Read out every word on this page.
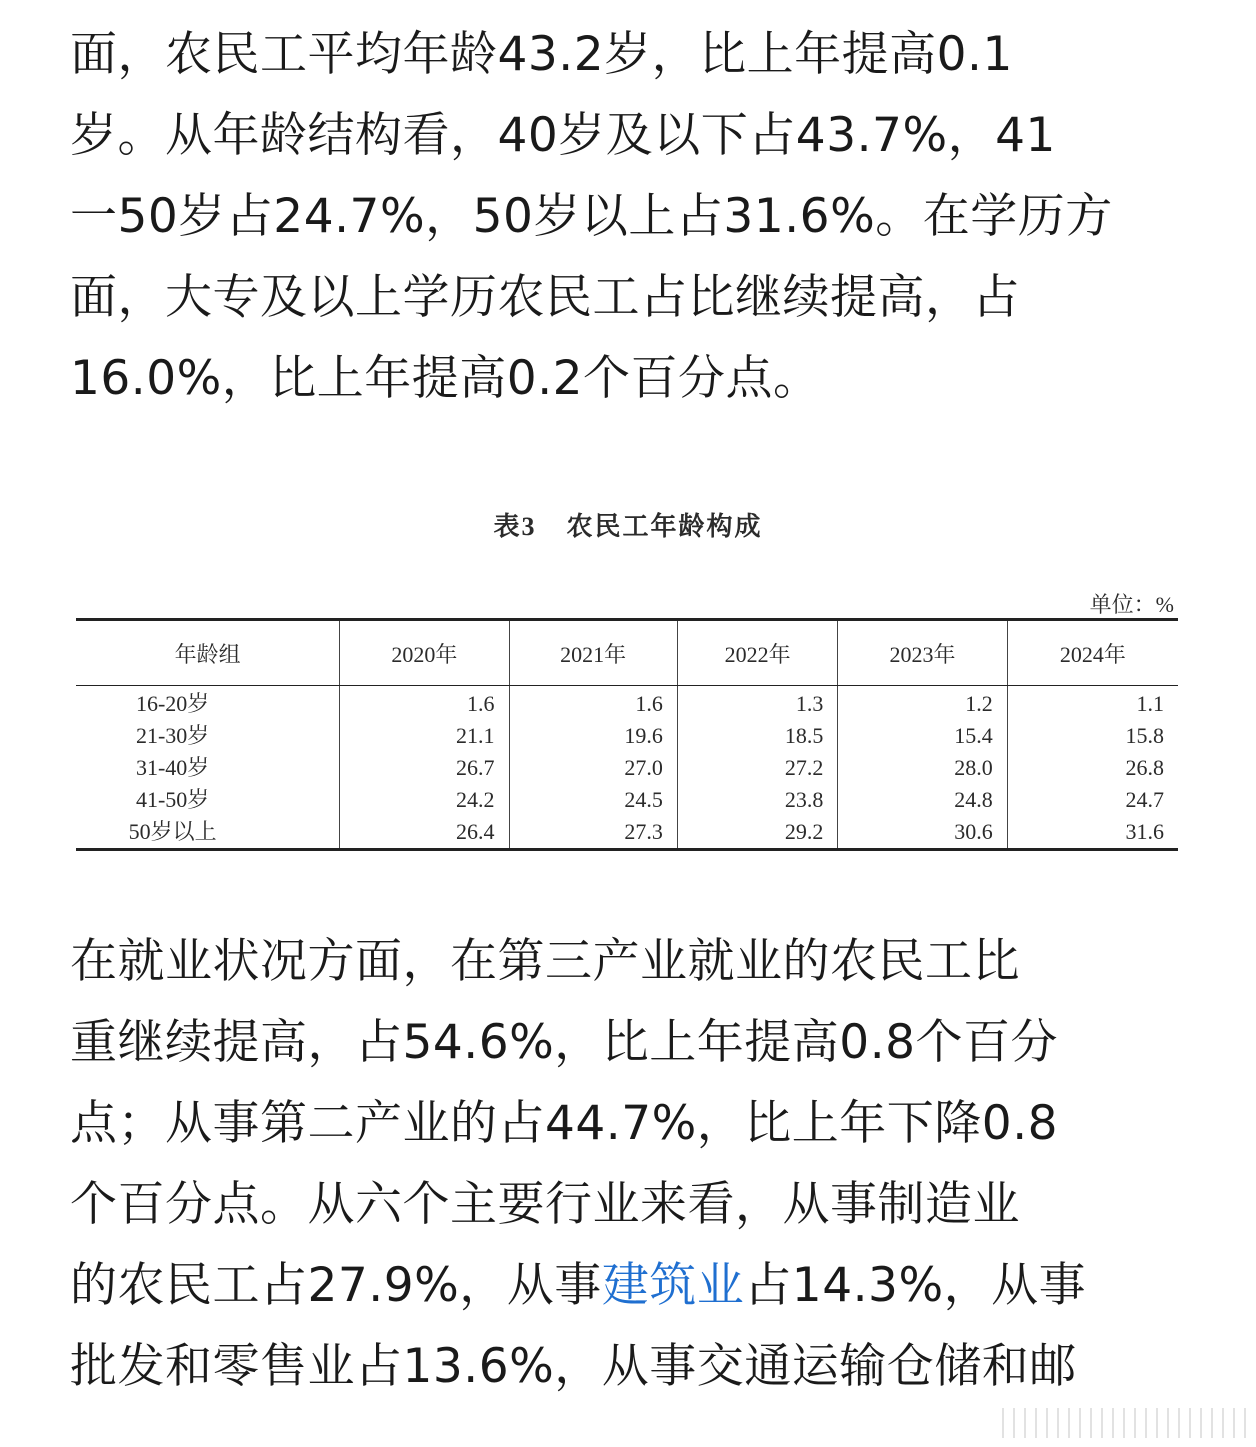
面，农民工平均年龄43.2岁，比上年提高0.1
岁。从年龄结构看，40岁及以下占43.7%，41
一50岁占24.7%，50岁以上占31.6%。在学历方
面，大专及以上学历农民工占比继续提高，占
16.0%，比上年提高0.2个百分点。
表3 农民工年龄构成
单位：%
年龄组	2020年	2021年	2022年	2023年	2024年
16-20岁	1.6	1.6	1.3	1.2	1.1
21-30岁	21.1	19.6	18.5	15.4	15.8
31-40岁	26.7	27.0	27.2	28.0	26.8
41-50岁	24.2	24.5	23.8	24.8	24.7
50岁以上	26.4	27.3	29.2	30.6	31.6
在就业状况方面，在第三产业就业的农民工比
重继续提高，占54.6%，比上年提高0.8个百分
点；从事第二产业的占44.7%，比上年下降0.8
个百分点。从六个主要行业来看，从事制造业
的农民工占27.9%，从事建筑业占14.3%，从事
批发和零售业占13.6%，从事交通运输仓储和邮
